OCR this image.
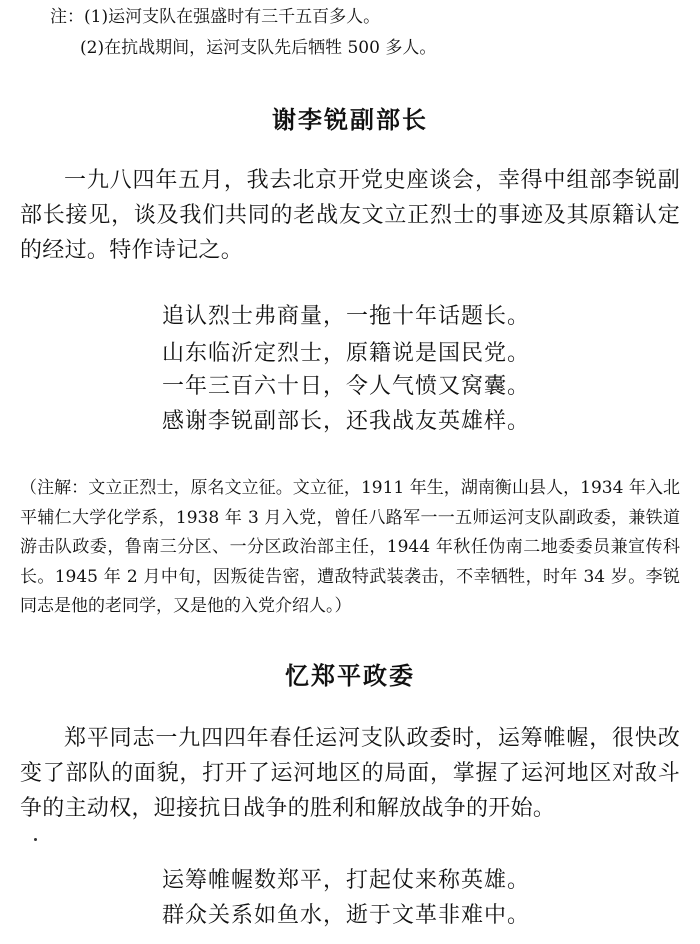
注：(1)运河支队在强盛时有三千五百多人。
(2)在抗战期间，运河支队先后牺牲 500 多人。
谢李锐副部长
一九八四年五月，我去北京开党史座谈会，幸得中组部李锐副部长接见，谈及我们共同的老战友文立正烈士的事迹及其原籍认定的经过。特作诗记之。
追认烈士弗商量，一拖十年话题长。
山东临沂定烈士，原籍说是国民党。
一年三百六十日，令人气愤又窝囊。
感谢李锐副部长，还我战友英雄样。
（注解：文立正烈士，原名文立征。文立征，1911 年生，湖南衡山县人，1934 年入北平辅仁大学化学系，1938 年 3 月入党，曾任八路军一一五师运河支队副政委，兼铁道游击队政委，鲁南三分区、一分区政治部主任，1944 年秋任伪南二地委委员兼宣传科长。1945 年 2 月中旬，因叛徒告密，遭敌特武装袭击，不幸牺牲，时年 34 岁。李锐同志是他的老同学，又是他的入党介绍人。）
忆郑平政委
郑平同志一九四四年春任运河支队政委时，运筹帷幄，很快改变了部队的面貌，打开了运河地区的局面，掌握了运河地区对敌斗争的主动权，迎接抗日战争的胜利和解放战争的开始。
运筹帷幄数郑平，打起仗来称英雄。
群众关系如鱼水，逝于文革非难中。
